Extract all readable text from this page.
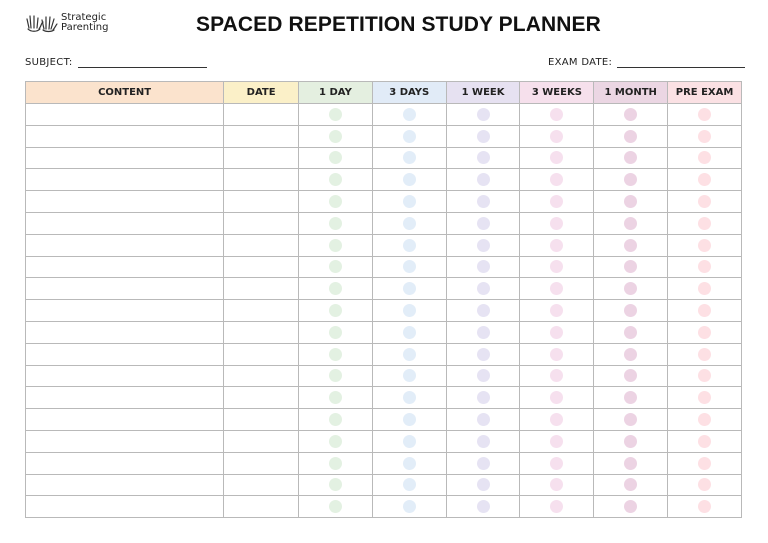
Strategic
Parenting	SPACED REPETITION STUDY PLANNER
SUBJECT:	EXAM DATE:
CONTENT	DATE	1 DAY	3 DAYS	1 WEEK	3 WEEKS	1 MONTH	PRE EXAM
